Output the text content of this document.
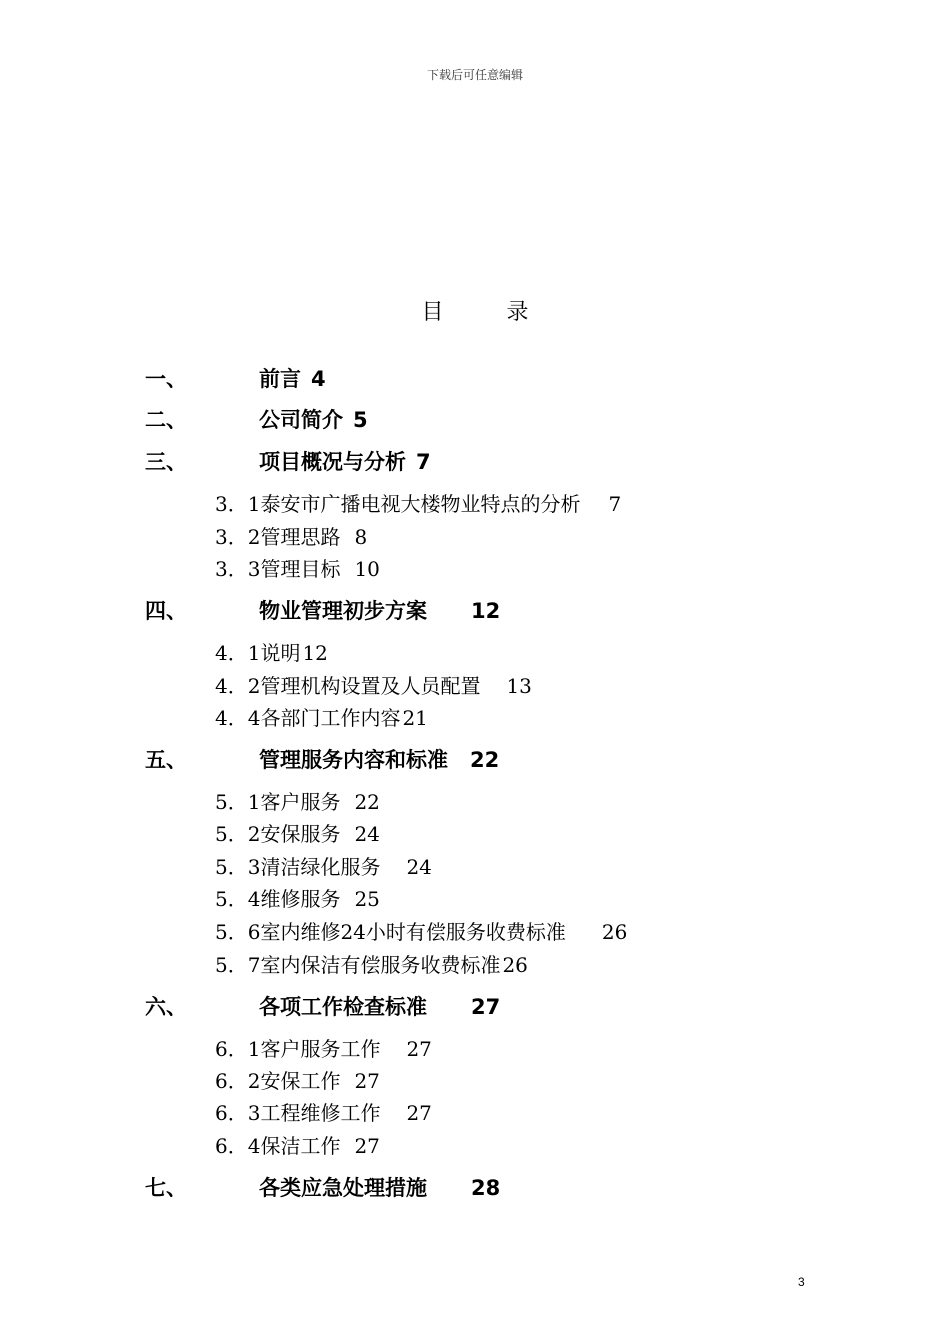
下载后可任意编辑
目 录
一、	前言 4
二、	公司简介 5
三、	项目概况与分析 7
3．1泰安市广播电视大楼物业特点的分析 7
3．2管理思路 8
3．3管理目标 10
四、	物业管理初步方案 12
4．1说明 12
4．2管理机构设置及人员配置 13
4．4各部门工作内容 21
五、	管理服务内容和标准 22
5．1客户服务 22
5．2安保服务 24
5．3清洁绿化服务 24
5．4维修服务 25
5．6室内维修24小时有偿服务收费标准 26
5．7室内保洁有偿服务收费标准 26
六、	各项工作检查标准 27
6．1客户服务工作 27
6．2安保工作 27
6．3工程维修工作 27
6．4保洁工作 27
七、	各类应急处理措施 28
3
